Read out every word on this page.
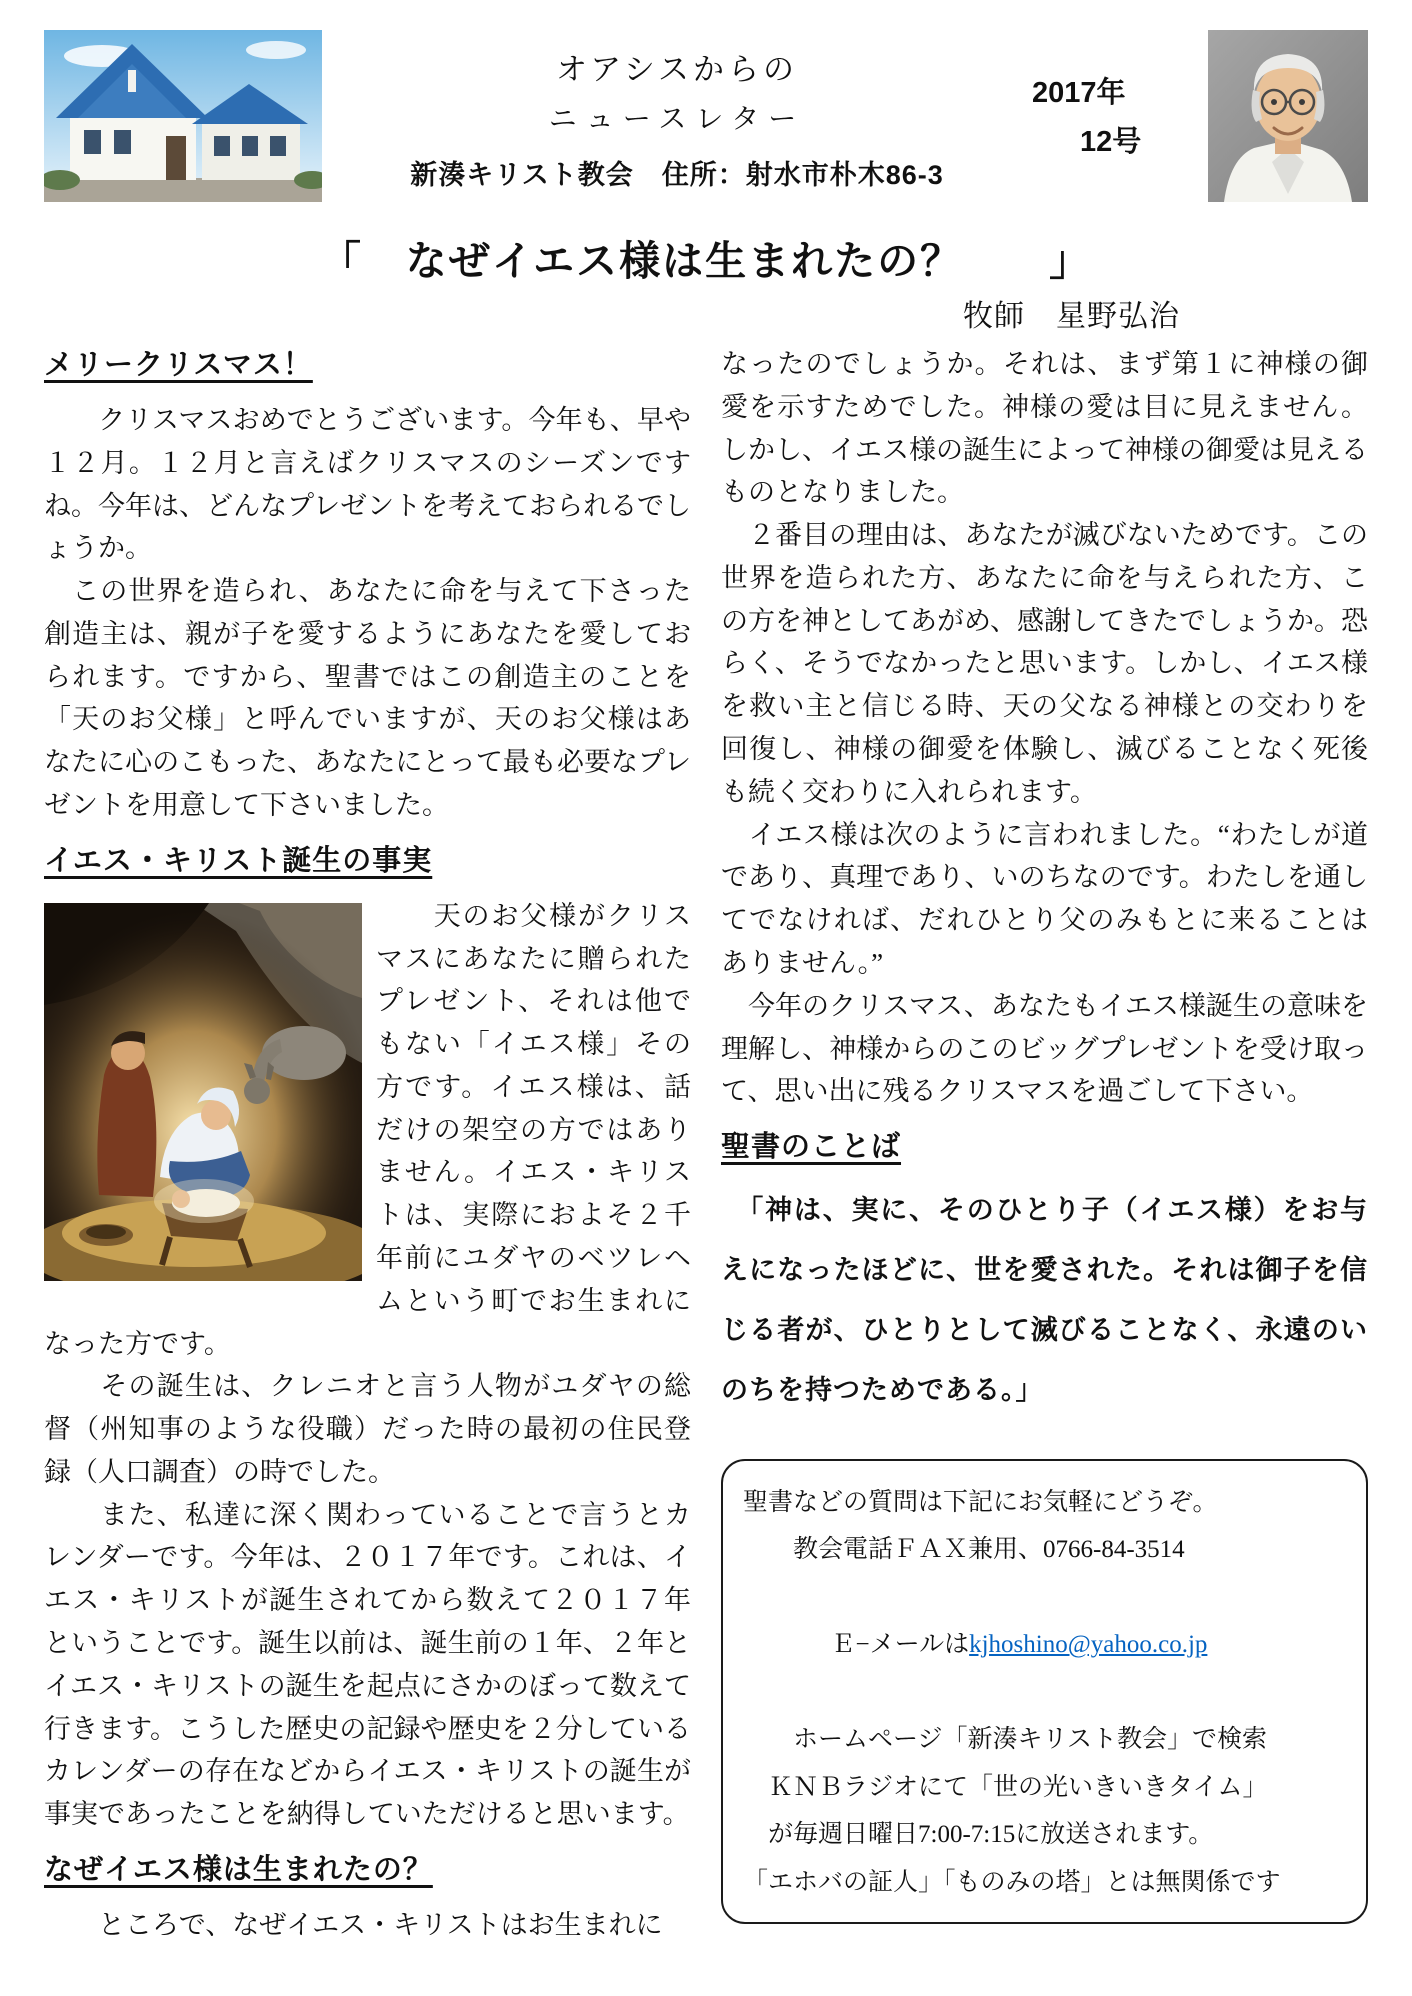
オアシスからの
ニュースレター
新湊キリスト教会　住所：射水市朴木86-3
2017年
12号
「　なぜイエス様は生まれたの？　　」
牧師　星野弘治
メリークリスマス！

　　クリスマスおめでとうございます。今年も、早や１２月。１２月と言えばクリスマスのシーズンですね。今年は、どんなプレゼントを考えておられるでしょうか。

　この世界を造られ、あなたに命を与えて下さった創造主は、親が子を愛するようにあなたを愛しておられます。ですから、聖書ではこの創造主のことを「天のお父様」と呼んでいますが、天のお父様はあなたに心のこもった、あなたにとって最も必要なプレゼントを用意して下さいました。

イエス・キリスト誕生の事実
　　天のお父様がクリスマスにあなたに贈られたプレゼント、それは他でもない「イエス様」その方です。イエス様は、話だけの架空の方ではありません。イエス・キリストは、実際におよそ２千年前にユダヤのベツレヘムという町でお生まれになった方です。

　　その誕生は、クレニオと言う人物がユダヤの総督（州知事のような役職）だった時の最初の住民登録（人口調査）の時でした。

　　また、私達に深く関わっていることで言うとカレンダーです。今年は、２０１７年です。これは、イエス・キリストが誕生されてから数えて２０１７年ということです。誕生以前は、誕生前の１年、２年とイエス・キリストの誕生を起点にさかのぼって数えて行きます。こうした歴史の記録や歴史を２分しているカレンダーの存在などからイエス・キリストの誕生が事実であったことを納得していただけると思います。

なぜイエス様は生まれたの？

　　ところで、なぜイエス・キリストはお生まれに

なったのでしょうか。それは、まず第１に神様の御愛を示すためでした。神様の愛は目に見えません。しかし、イエス様の誕生によって神様の御愛は見えるものとなりました。

　２番目の理由は、あなたが滅びないためです。この世界を造られた方、あなたに命を与えられた方、この方を神としてあがめ、感謝してきたでしょうか。恐らく、そうでなかったと思います。しかし、イエス様を救い主と信じる時、天の父なる神様との交わりを回復し、神様の御愛を体験し、滅びることなく死後も続く交わりに入れられます。

　イエス様は次のように言われました。“わたしが道であり、真理であり、いのちなのです。わたしを通してでなければ、だれひとり父のみもとに来ることはありません。”

　今年のクリスマス、あなたもイエス様誕生の意味を理解し、神様からのこのビッグプレゼントを受け取って、思い出に残るクリスマスを過ごして下さい。

聖書のことば

　「神は、実に、そのひとり子（イエス様）をお与えになったほどに、世を愛された。それは御子を信じる者が、ひとりとして滅びることなく、永遠のいのちを持つためである。」

聖書などの質問は下記にお気軽にどうぞ。
　　教会電話ＦＡＸ兼用、0766-84-3514

　Ｅ−メールはkjhoshino@yahoo.co.jp

　　ホームページ「新湊キリスト教会」で検索
　ＫＮＢラジオにて「世の光いきいきタイム」
　が毎週日曜日7:00-7:15に放送されます。
「エホバの証人」「ものみの塔」とは無関係です
